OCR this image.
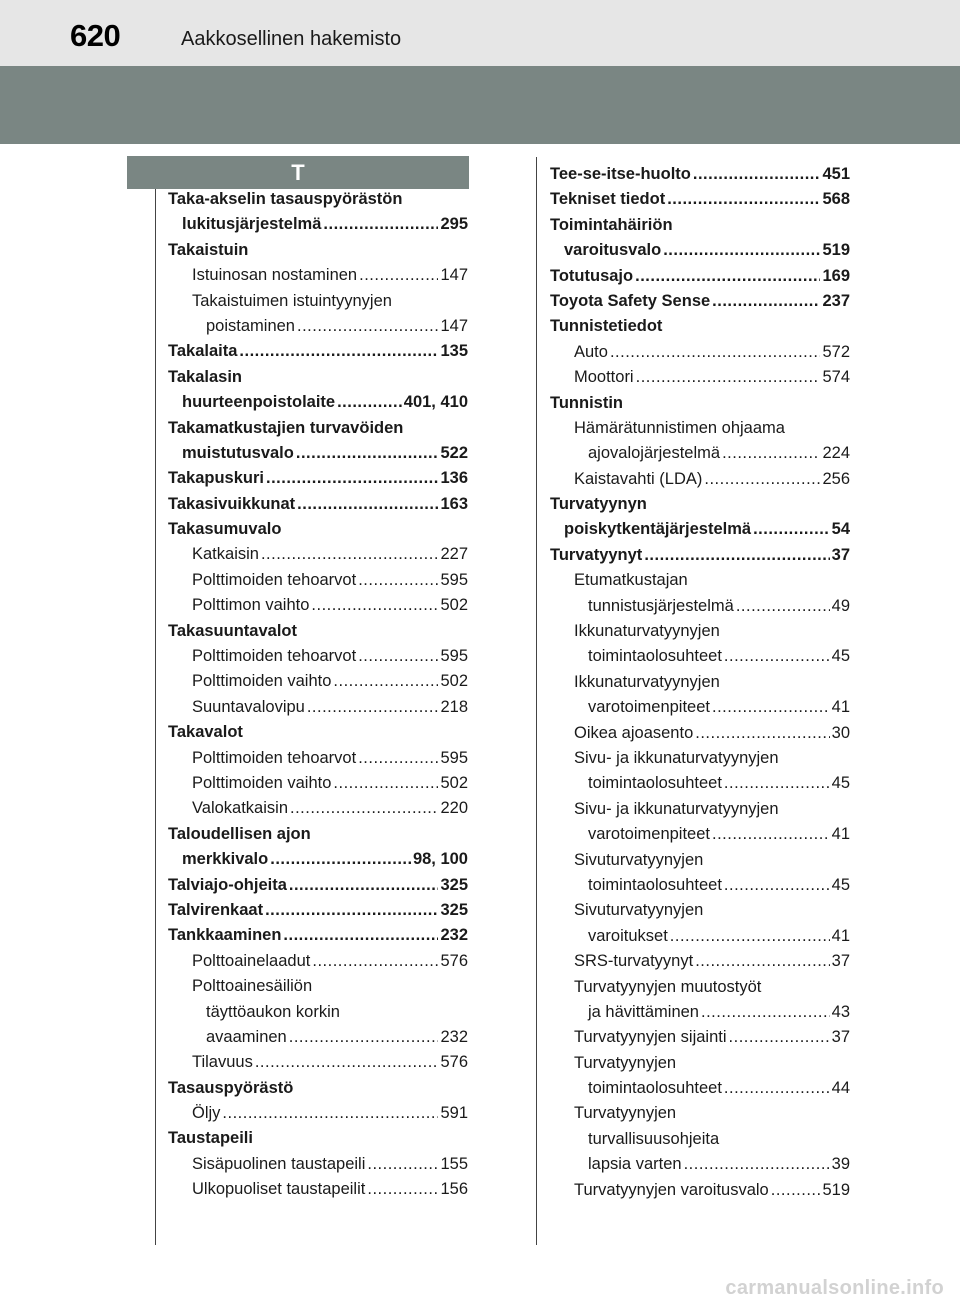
620	Aakkosellinen hakemisto
T
Taka-akselin tasauspyörästön
lukitusjärjestelmä .....	295
Takaistuin
Istuinosan nostaminen .....	147
Takaistuimen istuintyynyjen
poistaminen .....	147
Takalaita .....	135
Takalasin
huurteenpoistolaite .....	401, 410
Takamatkustajien turvavöiden
muistutusvalo .....	522
Takapuskuri .....	136
Takasivuikkunat .....	163
Takasumuvalo
Katkaisin .....	227
Polttimoiden tehoarvot .....	595
Polttimon vaihto .....	502
Takasuuntavalot
Polttimoiden tehoarvot .....	595
Polttimoiden vaihto .....	502
Suuntavalovipu .....	218
Takavalot
Polttimoiden tehoarvot .....	595
Polttimoiden vaihto .....	502
Valokatkaisin .....	220
Taloudellisen ajon
merkkivalo .....	98, 100
Talviajo-ohjeita .....	325
Talvirenkaat .....	325
Tankkaaminen .....	232
Polttoainelaadut .....	576
Polttoainesäiliön
täyttöaukon korkin
avaaminen .....	232
Tilavuus .....	576
Tasauspyörästö
Öljy .....	591
Taustapeili
Sisäpuolinen taustapeili .....	155
Ulkopuoliset taustapeilit .....	156
Tee-se-itse-huolto .....	451
Tekniset tiedot .....	568
Toimintahäiriön
varoitusvalo .....	519
Totutusajo .....	169
Toyota Safety Sense .....	237
Tunnistetiedot
Auto .....	572
Moottori .....	574
Tunnistin
Hämärätunnistimen ohjaama
ajovalojärjestelmä .....	224
Kaistavahti (LDA) .....	256
Turvatyynyn
poiskytkentäjärjestelmä .....	54
Turvatyynyt .....	37
Etumatkustajan
tunnistusjärjestelmä .....	49
Ikkunaturvatyynyjen
toimintaolosuhteet .....	45
Ikkunaturvatyynyjen
varotoimenpiteet .....	41
Oikea ajoasento .....	30
Sivu- ja ikkunaturvatyynyjen
toimintaolosuhteet .....	45
Sivu- ja ikkunaturvatyynyjen
varotoimenpiteet .....	41
Sivuturvatyynyjen
toimintaolosuhteet .....	45
Sivuturvatyynyjen
varoitukset .....	41
SRS-turvatyynyt .....	37
Turvatyynyjen muutostyöt
ja hävittäminen .....	43
Turvatyynyjen sijainti .....	37
Turvatyynyjen
toimintaolosuhteet .....	44
Turvatyynyjen
turvallisuusohjeita
lapsia varten .....	39
Turvatyynyjen varoitusvalo .....	519
carmanualsonline.info
